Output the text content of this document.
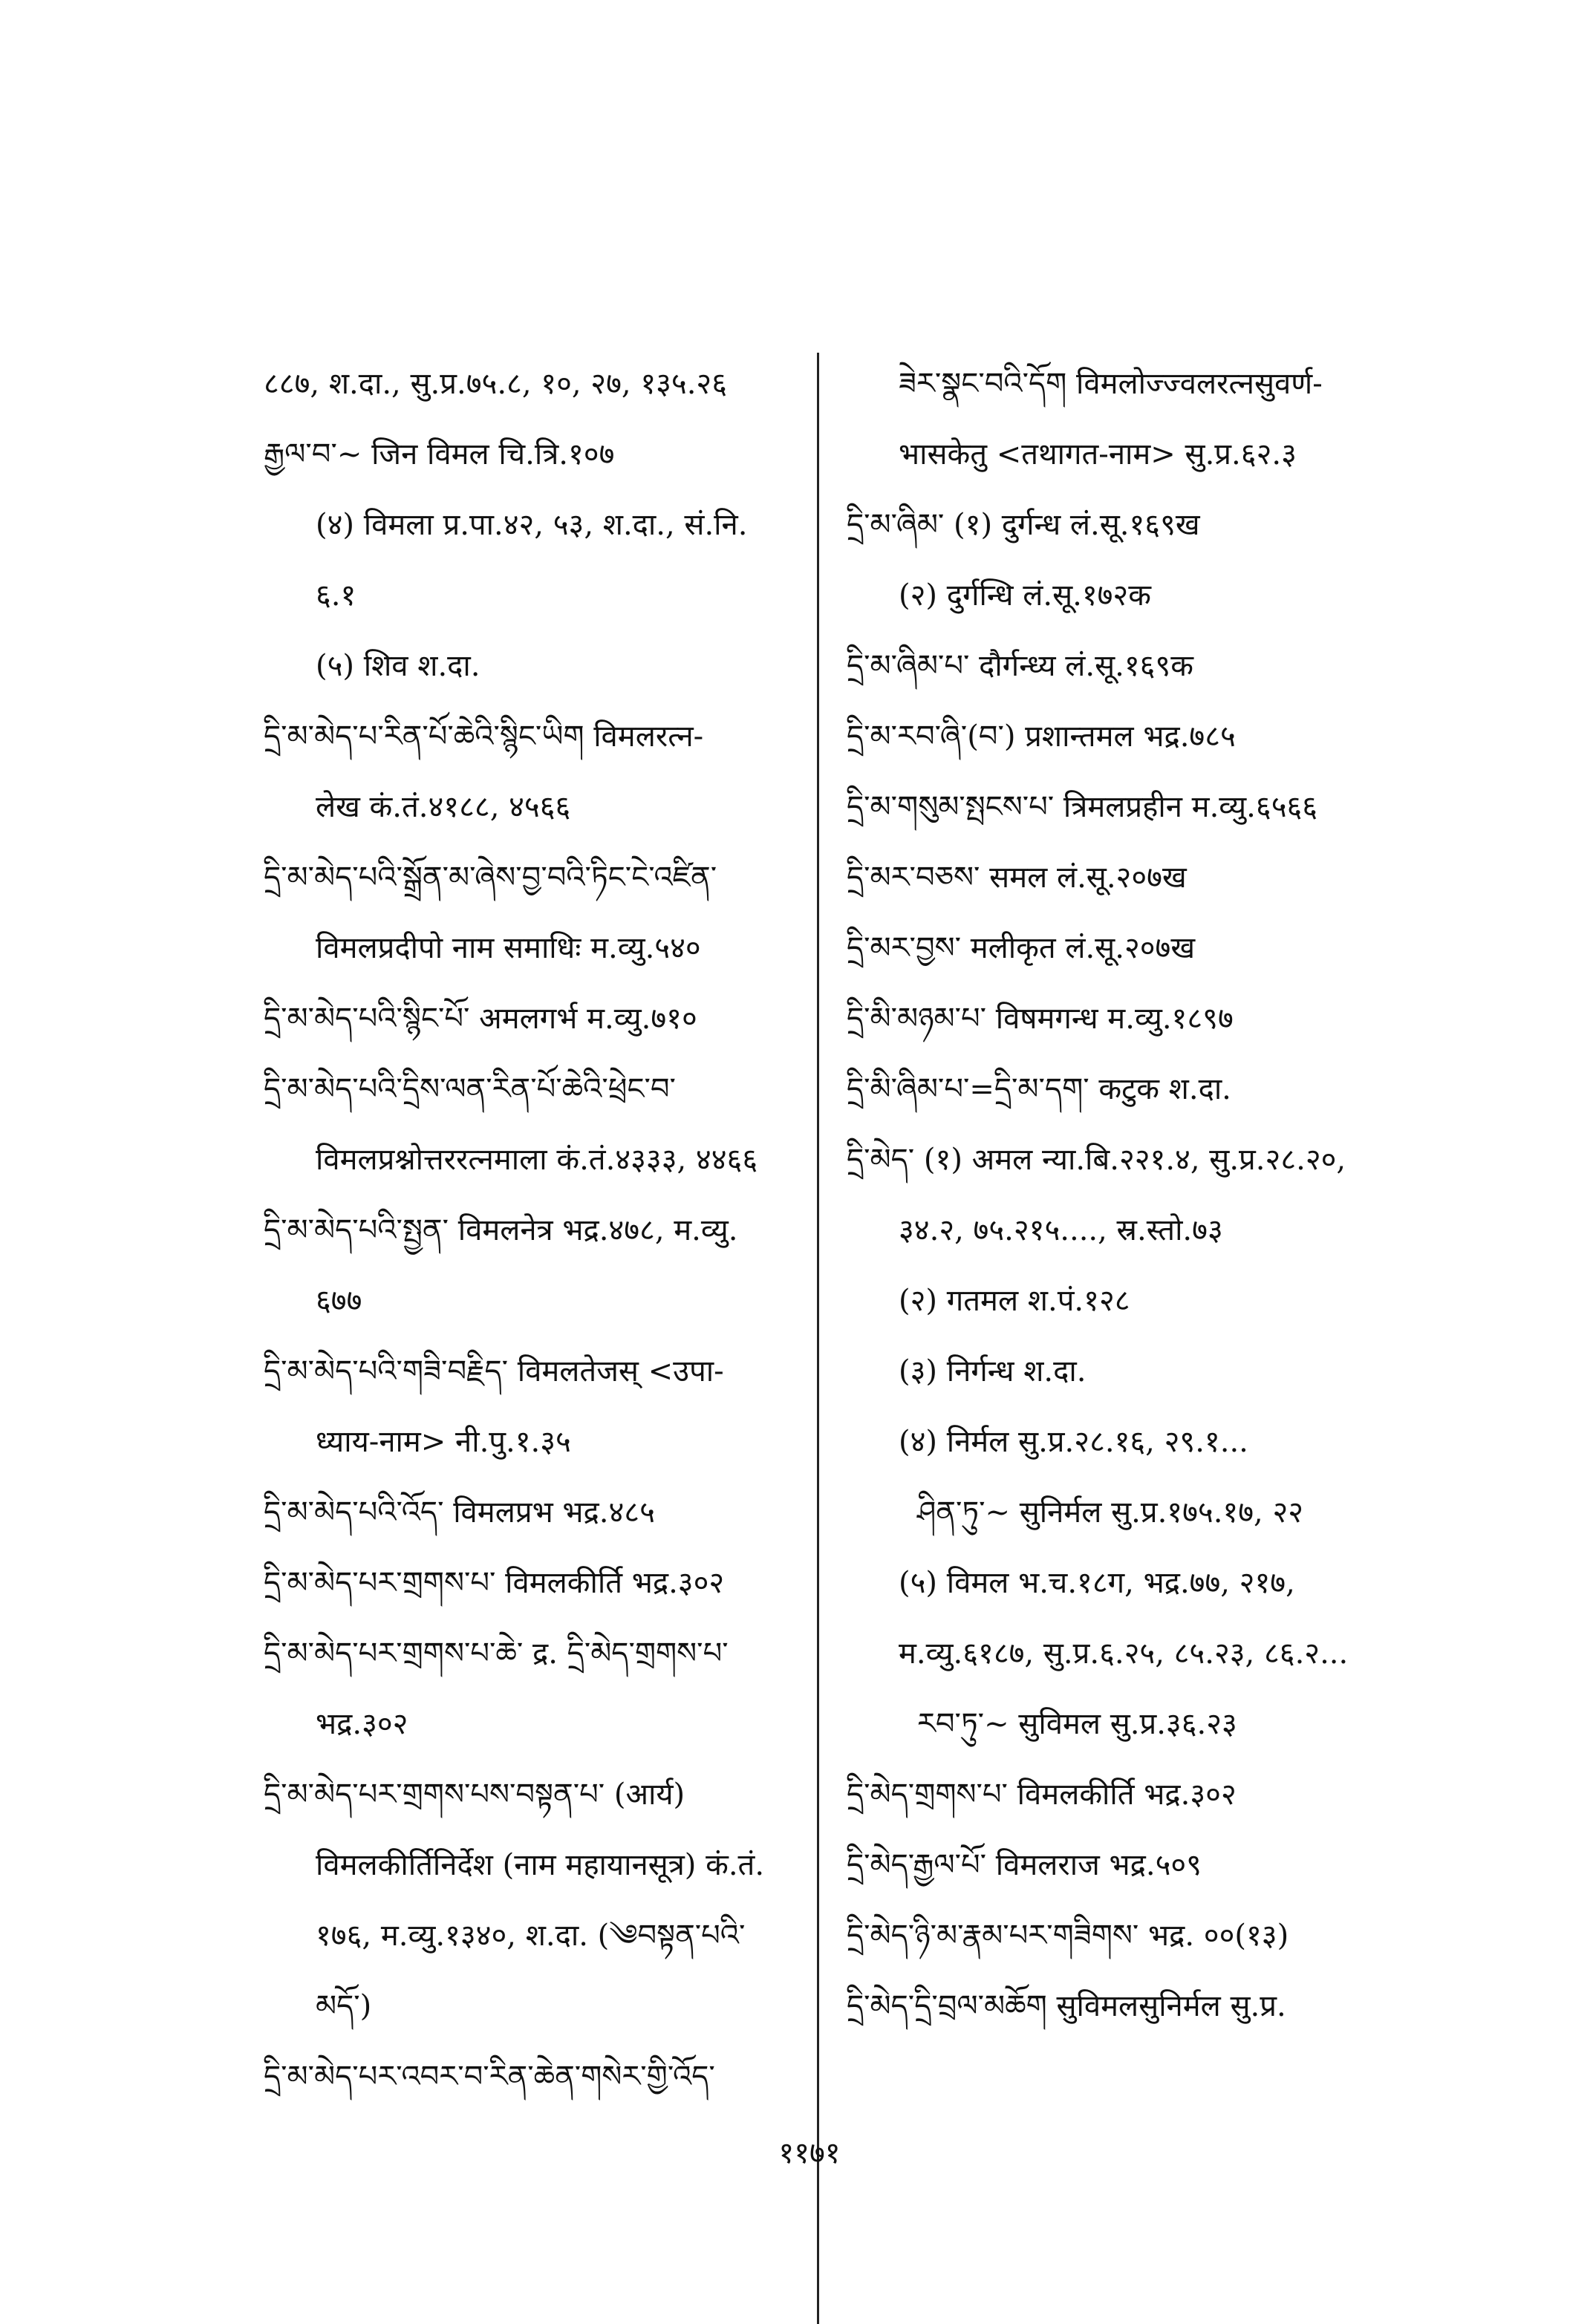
८८७, श.दा., सु.प्र.७५.८, १०, २७, १३५.२६
རྒྱལ་བ་~ जिन विमल चि.त्रि.१०७
(४) विमला प्र.पा.४२, ५३, श.दा., सं.नि.
६.१
(५) शिव श.दा.
དྲི་མ་མེད་པ་རིན་པོ་ཆེའི་སྙིང་ཡིག विमलरत्न-
लेख कं.तं.४१८८, ४५६६
དྲི་མ་མེད་པའི་སྒྲོན་མ་ཞེས་བྱ་བའི་ཏིང་ངེ་འཛིན་
विमलप्रदीपो नाम समाधिः म.व्यु.५४०
དྲི་མ་མེད་པའི་སྙིང་པོ་ अमलगर्भ म.व्यु.७१०
དྲི་མ་མེད་པའི་དྲིས་ལན་རིན་པོ་ཆེའི་ཕྲེང་བ་
विमलप्रश्नोत्तररत्नमाला कं.तं.४३३३, ४४६६
དྲི་མ་མེད་པའི་སྤྱན་ विमलनेत्र भद्र.४७८, म.व्यु.
६७७
དྲི་མ་མེད་པའི་གཟི་བརྗིད་ विमलतेजस् <उपा-
ध्याय-नाम> नी.पु.१.३५
དྲི་མ་མེད་པའི་འོད་ विमलप्रभ भद्र.४८५
དྲི་མ་མེད་པར་གྲགས་པ་ विमलकीर्ति भद्र.३०२
དྲི་མ་མེད་པར་གྲགས་པ་ཆེ་ द्र. དྲི་མེད་གྲགས་པ་
भद्र.३०२
དྲི་མ་མེད་པར་གྲགས་པས་བསྟན་པ་ (आर्य)
विमलकीर्तिनिर्देश (नाम महायानसूत्र) कं.तं.
१७६, म.व्यु.१३४०, श.दा. (༄བསྟན་པའི་
མདོ་)
དྲི་མ་མེད་པར་འབར་བ་རིན་ཆེན་གསེར་གྱི་འོད་
ཟེར་སྣང་བའི་དོག विमलोज्ज्वलरत्नसुवर्ण-
भासकेतु <तथागत-नाम> सु.प्र.६२.३
དྲི་མ་ཞིམ་ (१) दुर्गन्ध लं.सू.१६९ख
(२) दुर्गन्धि लं.सू.१७२क
དྲི་མ་ཞིམ་པ་ दौर्गन्ध्य लं.सू.१६९क
དྲི་མ་རབ་ཞི་(བ་) प्रशान्तमल भद्र.७८५
དྲི་མ་གསུམ་སྤངས་པ་ त्रिमलप्रहीन म.व्यु.६५६६
དྲི་མར་བཅས་ समल लं.सू.२०७ख
དྲི་མར་བྱས་ मलीकृत लं.सू.२०७ख
དྲི་མི་མཉམ་པ་ विषमगन्ध म.व्यु.१८९७
དྲི་མི་ཞིམ་པ་=དྲི་མ་དག་ कटुक श.दा.
དྲི་མེད་ (१) अमल न्या.बि.२२१.४, सु.प्र.२८.२०,
३४.२, ७५.२१५...., स्र.स्तो.७३
(२) गतमल श.पं.१२८
(३) निर्गन्ध श.दा.
(४) निर्मल सु.प्र.२८.१६, २९.१...
ཤིན་ཏུ་~ सुनिर्मल सु.प्र.१७५.१७, २२
(५) विमल भ.च.१८ग, भद्र.७७, २१७,
म.व्यु.६१८७, सु.प्र.६.२५, ८५.२३, ८६.२...
རབ་ཏུ་~ सुविमल सु.प्र.३६.२३
དྲི་མེད་གྲགས་པ་ विमलकीर्ति भद्र.३०२
དྲི་མེད་རྒྱལ་པོ་ विमलराज भद्र.५०९
དྲི་མེད་ཉི་མ་རྣམ་པར་གཟིགས་ भद्र. ००(१३)
དྲི་མེད་དྲི་བྲལ་མཆོག सुविमलसुनिर्मल सु.प्र.
११७१
